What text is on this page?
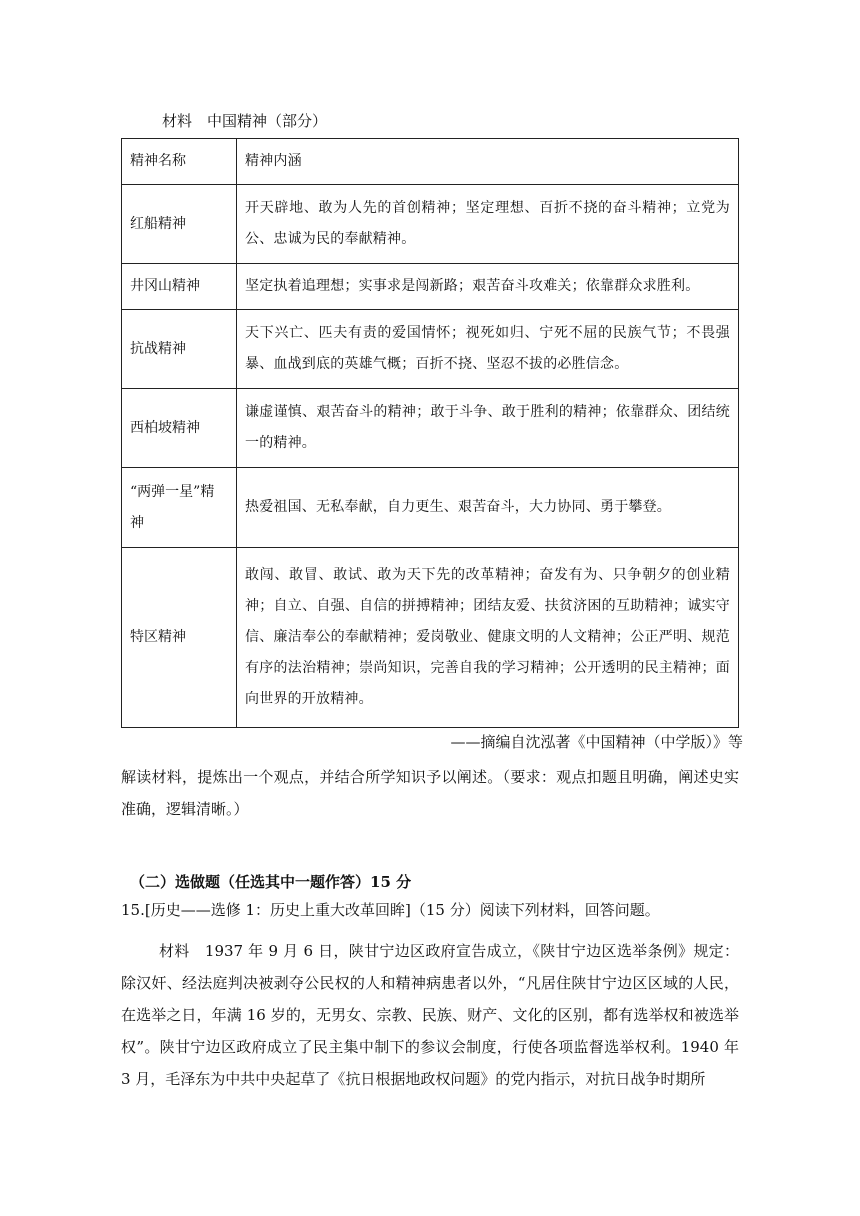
材料　中国精神（部分）
精神名称	精神内涵
红船精神	开天辟地、敢为人先的首创精神；坚定理想、百折不挠的奋斗精神；立党为公、忠诚为民的奉献精神。
井冈山精神	坚定执着追理想；实事求是闯新路；艰苦奋斗攻难关；依靠群众求胜利。
抗战精神	天下兴亡、匹夫有责的爱国情怀；视死如归、宁死不屈的民族气节；不畏强暴、血战到底的英雄气概；百折不挠、坚忍不拔的必胜信念。
西柏坡精神	谦虚谨慎、艰苦奋斗的精神；敢于斗争、敢于胜利的精神；依靠群众、团结统一的精神。
“两弹一星”精神	热爱祖国、无私奉献，自力更生、艰苦奋斗，大力协同、勇于攀登。
特区精神	敢闯、敢冒、敢试、敢为天下先的改革精神；奋发有为、只争朝夕的创业精神；自立、自强、自信的拼搏精神；团结友爱、扶贫济困的互助精神；诚实守信、廉洁奉公的奉献精神；爱岗敬业、健康文明的人文精神；公正严明、规范有序的法治精神；崇尚知识，完善自我的学习精神；公开透明的民主精神；面向世界的开放精神。
——摘编自沈泓著《中国精神（中学版）》等
解读材料，提炼出一个观点，并结合所学知识予以阐述。（要求：观点扣题且明确，阐述史实准确，逻辑清晰。）
（二）选做题（任选其中一题作答）15 分
15.[历史——选修 1：历史上重大改革回眸]（15 分）阅读下列材料，回答问题。
材料　1937 年 9 月 6 日，陕甘宁边区政府宣告成立，《陕甘宁边区选举条例》规定：除汉奸、经法庭判决被剥夺公民权的人和精神病患者以外，“凡居住陕甘宁边区区域的人民，在选举之日，年满 16 岁的，无男女、宗教、民族、财产、文化的区别，都有选举权和被选举权”。陕甘宁边区政府成立了民主集中制下的参议会制度，行使各项监督选举权利。1940 年 3 月，毛泽东为中共中央起草了《抗日根据地政权问题》的党内指示，对抗日战争时期所
